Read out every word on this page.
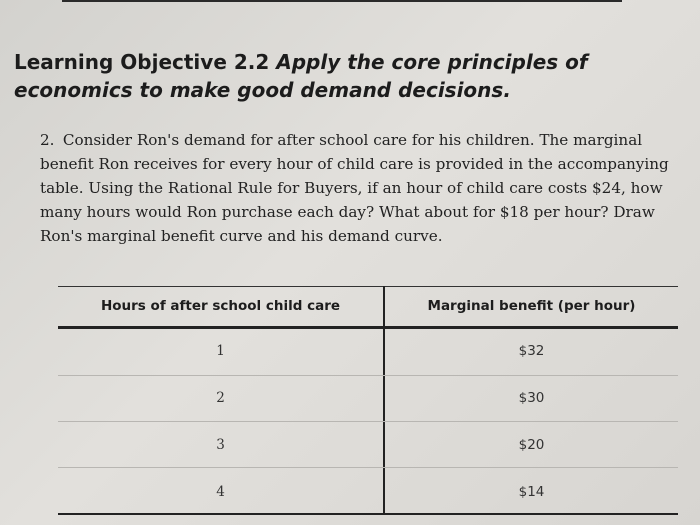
Learning Objective 2.2 Apply the core principles of economics to make good demand decisions.
2. Consider Ron's demand for after school care for his children. The marginal benefit Ron receives for every hour of child care is provided in the accompanying table. Using the Rational Rule for Buyers, if an hour of child care costs $24, how many hours would Ron purchase each day? What about for $18 per hour? Draw Ron's marginal benefit curve and his demand curve.
Hours of after school child care	Marginal benefit (per hour)
1	$32
2	$30
3	$20
4	$14
